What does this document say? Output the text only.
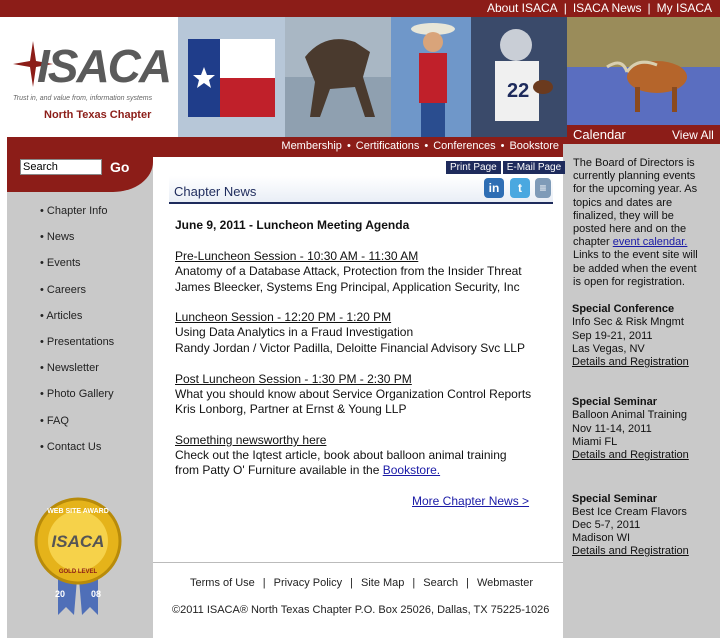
About ISACA | ISACA News | My ISACA
ISACA
Trust in, and value from, information systems
North Texas Chapter
22
Membership • Certifications • Conferences • Bookstore
Calendar	View All
Search
Go
• Chapter Info
• News
• Events
• Careers
• Articles
• Presentations
• Newsletter
• Photo Gallery
• FAQ
• Contact Us
WEB SITE AWARD
ISACA
GOLD LEVEL
20	08
Print Page	E-Mail Page
Chapter News	in	t	≡
June 9, 2011 - Luncheon Meeting Agenda
Pre-Luncheon Session - 10:30 AM - 11:30 AM
Anatomy of a Database Attack, Protection from the Insider Threat
James Bleecker, Systems Eng Principal, Application Security, Inc
Luncheon Session - 12:20 PM - 1:20 PM
Using Data Analytics in a Fraud Investigation
Randy Jordan / Victor Padilla, Deloitte Financial Advisory Svc LLP
Post Luncheon Session - 1:30 PM - 2:30 PM
What you should know about Service Organization Control Reports
Kris Lonborg, Partner at Ernst & Young LLP
Something newsworthy here
Check out the Iqtest article, book about balloon animal training
from Patty O' Furniture available in the Bookstore.
More Chapter News >
Terms of Use | Privacy Policy | Site Map | Search | Webmaster
©2011 ISACA® North Texas Chapter P.O. Box 25026, Dallas, TX 75225-1026
The Board of Directors is
currently planning events
for the upcoming year. As
topics and dates are
finalized, they will be
posted here and on the
chapter event calendar.
Links to the event site will
be added when the event
is open for registration.
Special Conference
Info Sec & Risk Mngmt
Sep 19-21, 2011
Las Vegas, NV
Details and Registration
Special Seminar
Balloon Animal Training
Nov 11-14, 2011
Miami FL
Details and Registration
Special Seminar
Best Ice Cream Flavors
Dec 5-7, 2011
Madison WI
Details and Registration
